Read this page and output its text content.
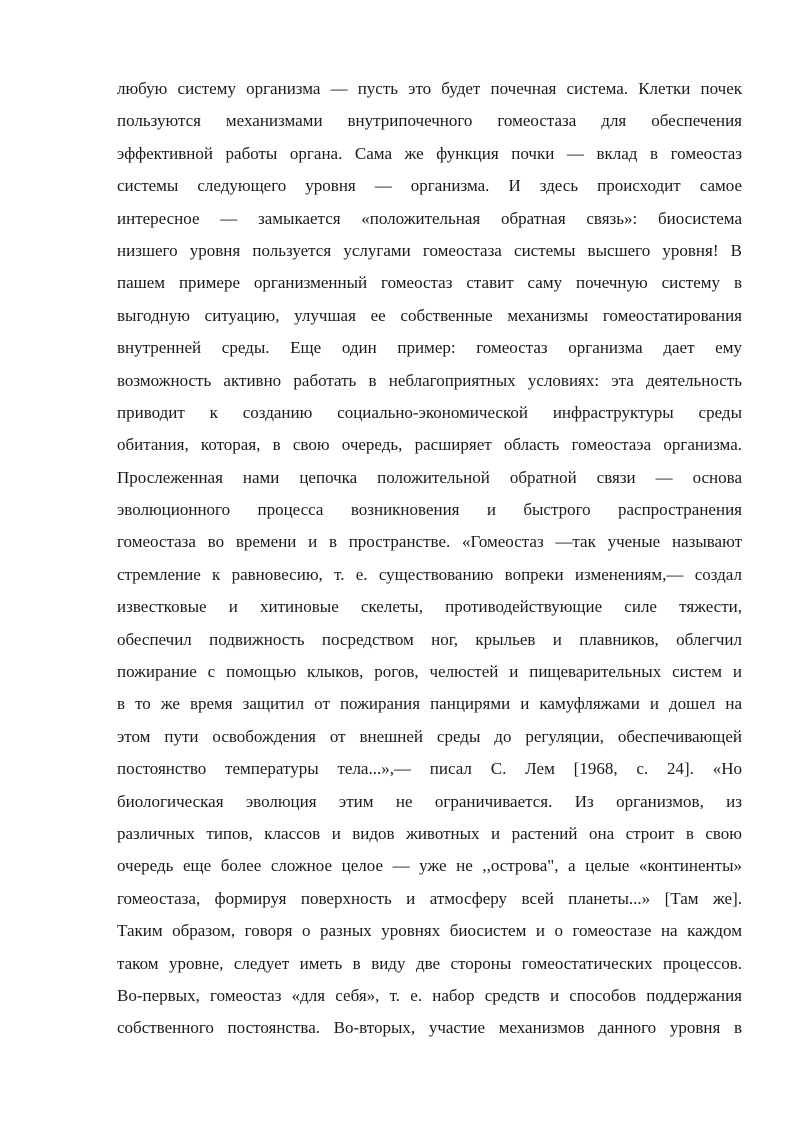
любую систему организма — пусть это будет почечная система. Клетки почек
пользуются механизмами внутрипочечного гомеостаза для обеспечения
эффективной работы органа. Сама же функция почки — вклад в гомеостаз
системы следующего уровня — организма. И здесь происходит самое
интересное — замыкается «положительная обратная связь»: биосистема
низшего уровня пользуется услугами гомеостаза системы высшего уровня! В
пашем примере организменный гомеостаз ставит саму почечную систему в
выгодную ситуацию, улучшая ее собственные механизмы гомеостатирования
внутренней среды. Еще один пример: гомеостаз организма дает ему
возможность активно работать в неблагоприятных условиях: эта деятельность
приводит к созданию социально-экономической инфраструктуры среды
обитания, которая, в свою очередь, расширяет область гомеостаэа организма.
Прослеженная нами цепочка положительной обратной связи — основа
эволюционного процесса возникновения и быстрого распространения
гомеостаза во времени и в пространстве. «Гомеостаз —так ученые называют
стремление к равновесию, т. е. существованию вопреки изменениям,— создал
известковые и хитиновые скелеты, противодействующие силе тяжести,
обеспечил подвижность посредством ног, крыльев и плавников, облегчил
пожирание с помощью клыков, рогов, челюстей и пищеварительных систем и
в то же время защитил от пожирания панцирями и камуфляжами и дошел на
этом пути освобождения от внешней среды до регуляции, обеспечивающей
постоянство температуры тела...»,— писал С. Лем [1968, с. 24]. «Но
биологическая эволюция этим не ограничивается. Из организмов, из
различных типов, классов и видов животных и растений она строит в свою
очередь еще более сложное целое — уже не ,,острова", а целые «континенты»
гомеостаза, формируя поверхность и атмосферу всей планеты...» [Там же].
Таким образом, говоря о разных уровнях биосистем и о гомеостазе на каждом
таком уровне, следует иметь в виду две стороны гомеостатических процессов.
Во-первых, гомеостаз «для себя», т. е. набор средств и способов поддержания
собственного постоянства. Во-вторых, участие механизмов данного уровня в
